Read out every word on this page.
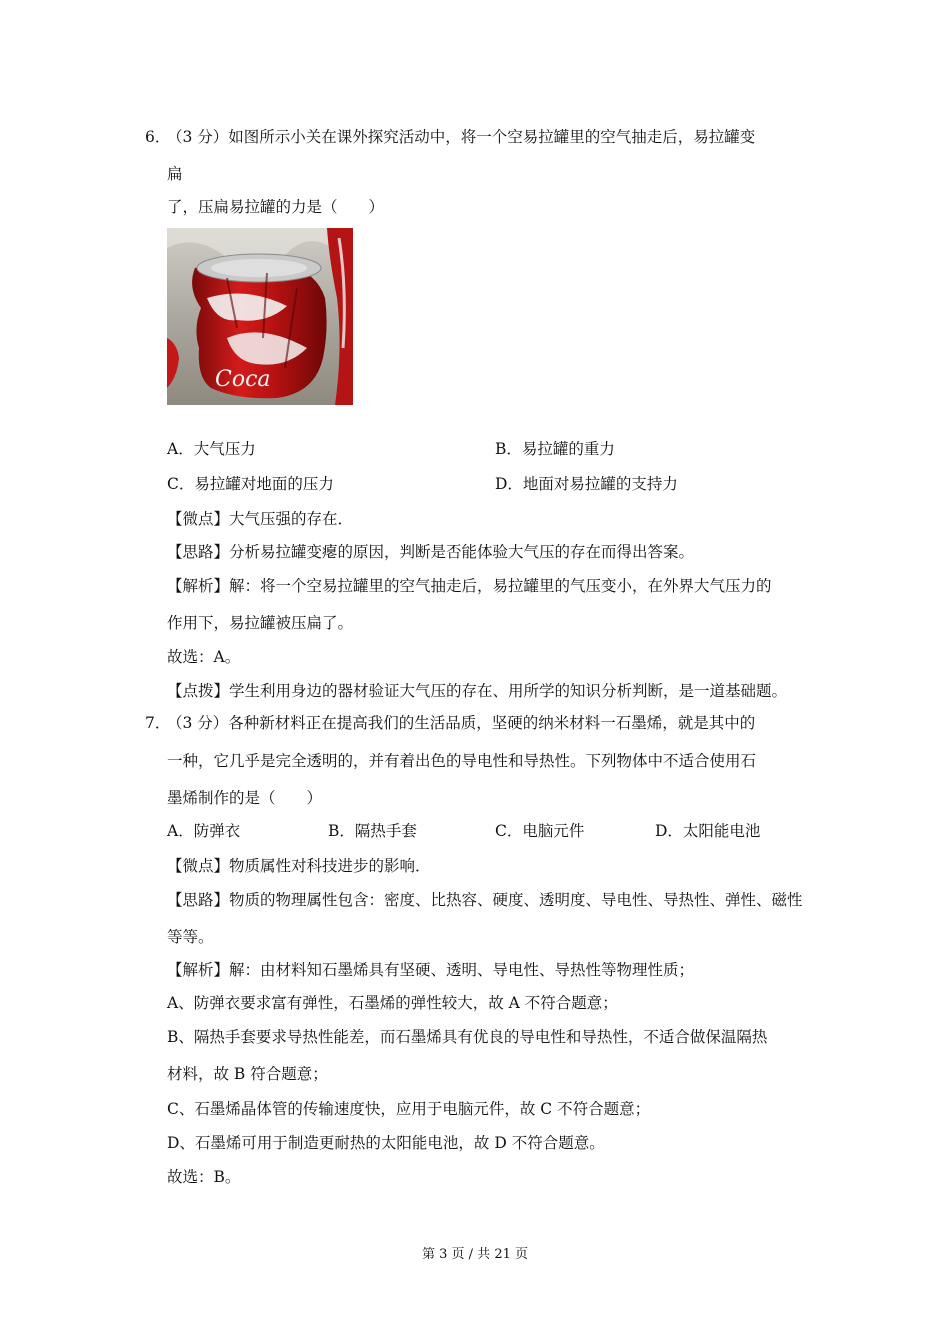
6．
（3 分）如图所示小关在课外探究活动中，将一个空易拉罐里的空气抽走后，易拉罐变
扁
了，压扁易拉罐的力是（　　）
Coca
A．大气压力	B．易拉罐的重力
C．易拉罐对地面的压力	D．地面对易拉罐的支持力
【微点】大气压强的存在．
【思路】分析易拉罐变瘪的原因，判断是否能体验大气压的存在而得出答案。
【解析】解：将一个空易拉罐里的空气抽走后，易拉罐里的气压变小，在外界大气压力的
作用下，易拉罐被压扁了。
故选：A。
【点拨】学生利用身边的器材验证大气压的存在、用所学的知识分析判断，是一道基础题。
7．
（3 分）各种新材料正在提高我们的生活品质，坚硬的纳米材料一石墨烯，就是其中的
一种，它几乎是完全透明的，并有着出色的导电性和导热性。下列物体中不适合使用石
墨烯制作的是（　　）
A．防弹衣	B．隔热手套	C．电脑元件	D．太阳能电池
【微点】物质属性对科技进步的影响．
【思路】物质的物理属性包含：密度、比热容、硬度、透明度、导电性、导热性、弹性、磁性
等等。
【解析】解：由材料知石墨烯具有坚硬、透明、导电性、导热性等物理性质；
A、防弹衣要求富有弹性，石墨烯的弹性较大，故 A 不符合题意；
B、隔热手套要求导热性能差，而石墨烯具有优良的导电性和导热性，不适合做保温隔热
材料，故 B 符合题意；
C、石墨烯晶体管的传输速度快，应用于电脑元件，故 C 不符合题意；
D、石墨烯可用于制造更耐热的太阳能电池，故 D 不符合题意。
故选：B。
第 3 页 / 共 21 页
